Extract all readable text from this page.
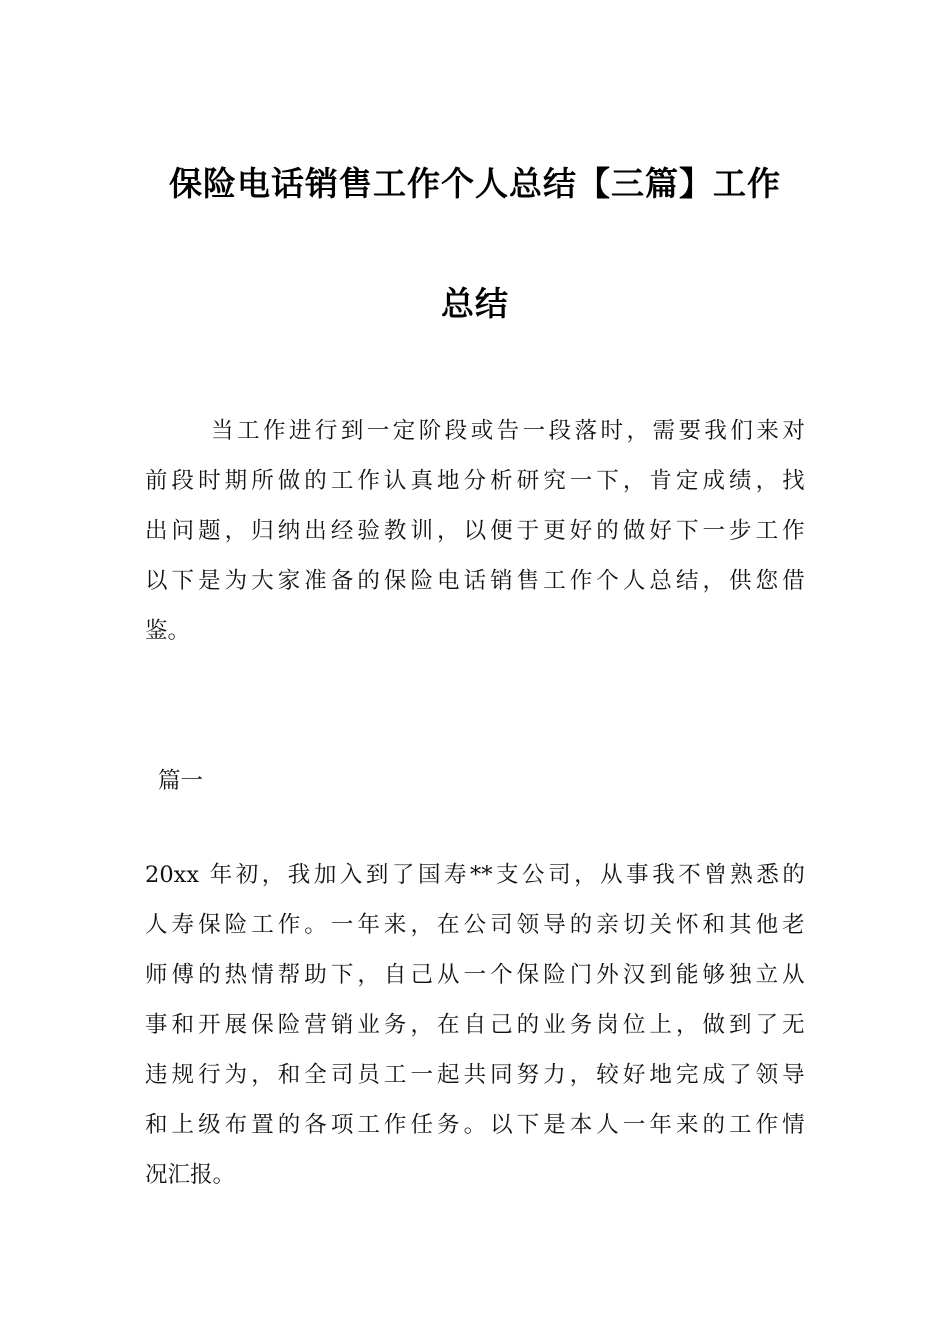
保险电话销售工作个人总结【三篇】工作
总结
当 工 作 进 行 到 一 定 阶 段 或 告 一 段 落 时 ， 需 要 我 们 来 对
前 段 时 期 所 做 的 工 作 认 真 地 分 析 研 究 一 下 ， 肯 定 成 绩 ， 找
出 问 题 ， 归 纳 出 经 验 教 训 ， 以 便 于 更 好 的 做 好 下 一 步 工 作
以 下 是 为 大 家 准 备 的 保 险 电 话 销 售 工 作 个 人 总 结 ， 供 您 借
鉴 。
篇一
20xx 年 初 ， 我 加 入 到 了 国 寿 ** 支 公 司 ， 从 事 我 不 曾 熟 悉 的
人 寿 保 险 工 作 。 一 年 来 ， 在 公 司 领 导 的 亲 切 关 怀 和 其 他 老
师 傅 的 热 情 帮 助 下 ， 自 己 从 一 个 保 险 门 外 汉 到 能 够 独 立 从
事 和 开 展 保 险 营 销 业 务 ， 在 自 己 的 业 务 岗 位 上 ， 做 到 了 无
违 规 行 为 ， 和 全 司 员 工 一 起 共 同 努 力 ， 较 好 地 完 成 了 领 导
和 上 级 布 置 的 各 项 工 作 任 务 。 以 下 是 本 人 一 年 来 的 工 作 情
况 汇 报 。
